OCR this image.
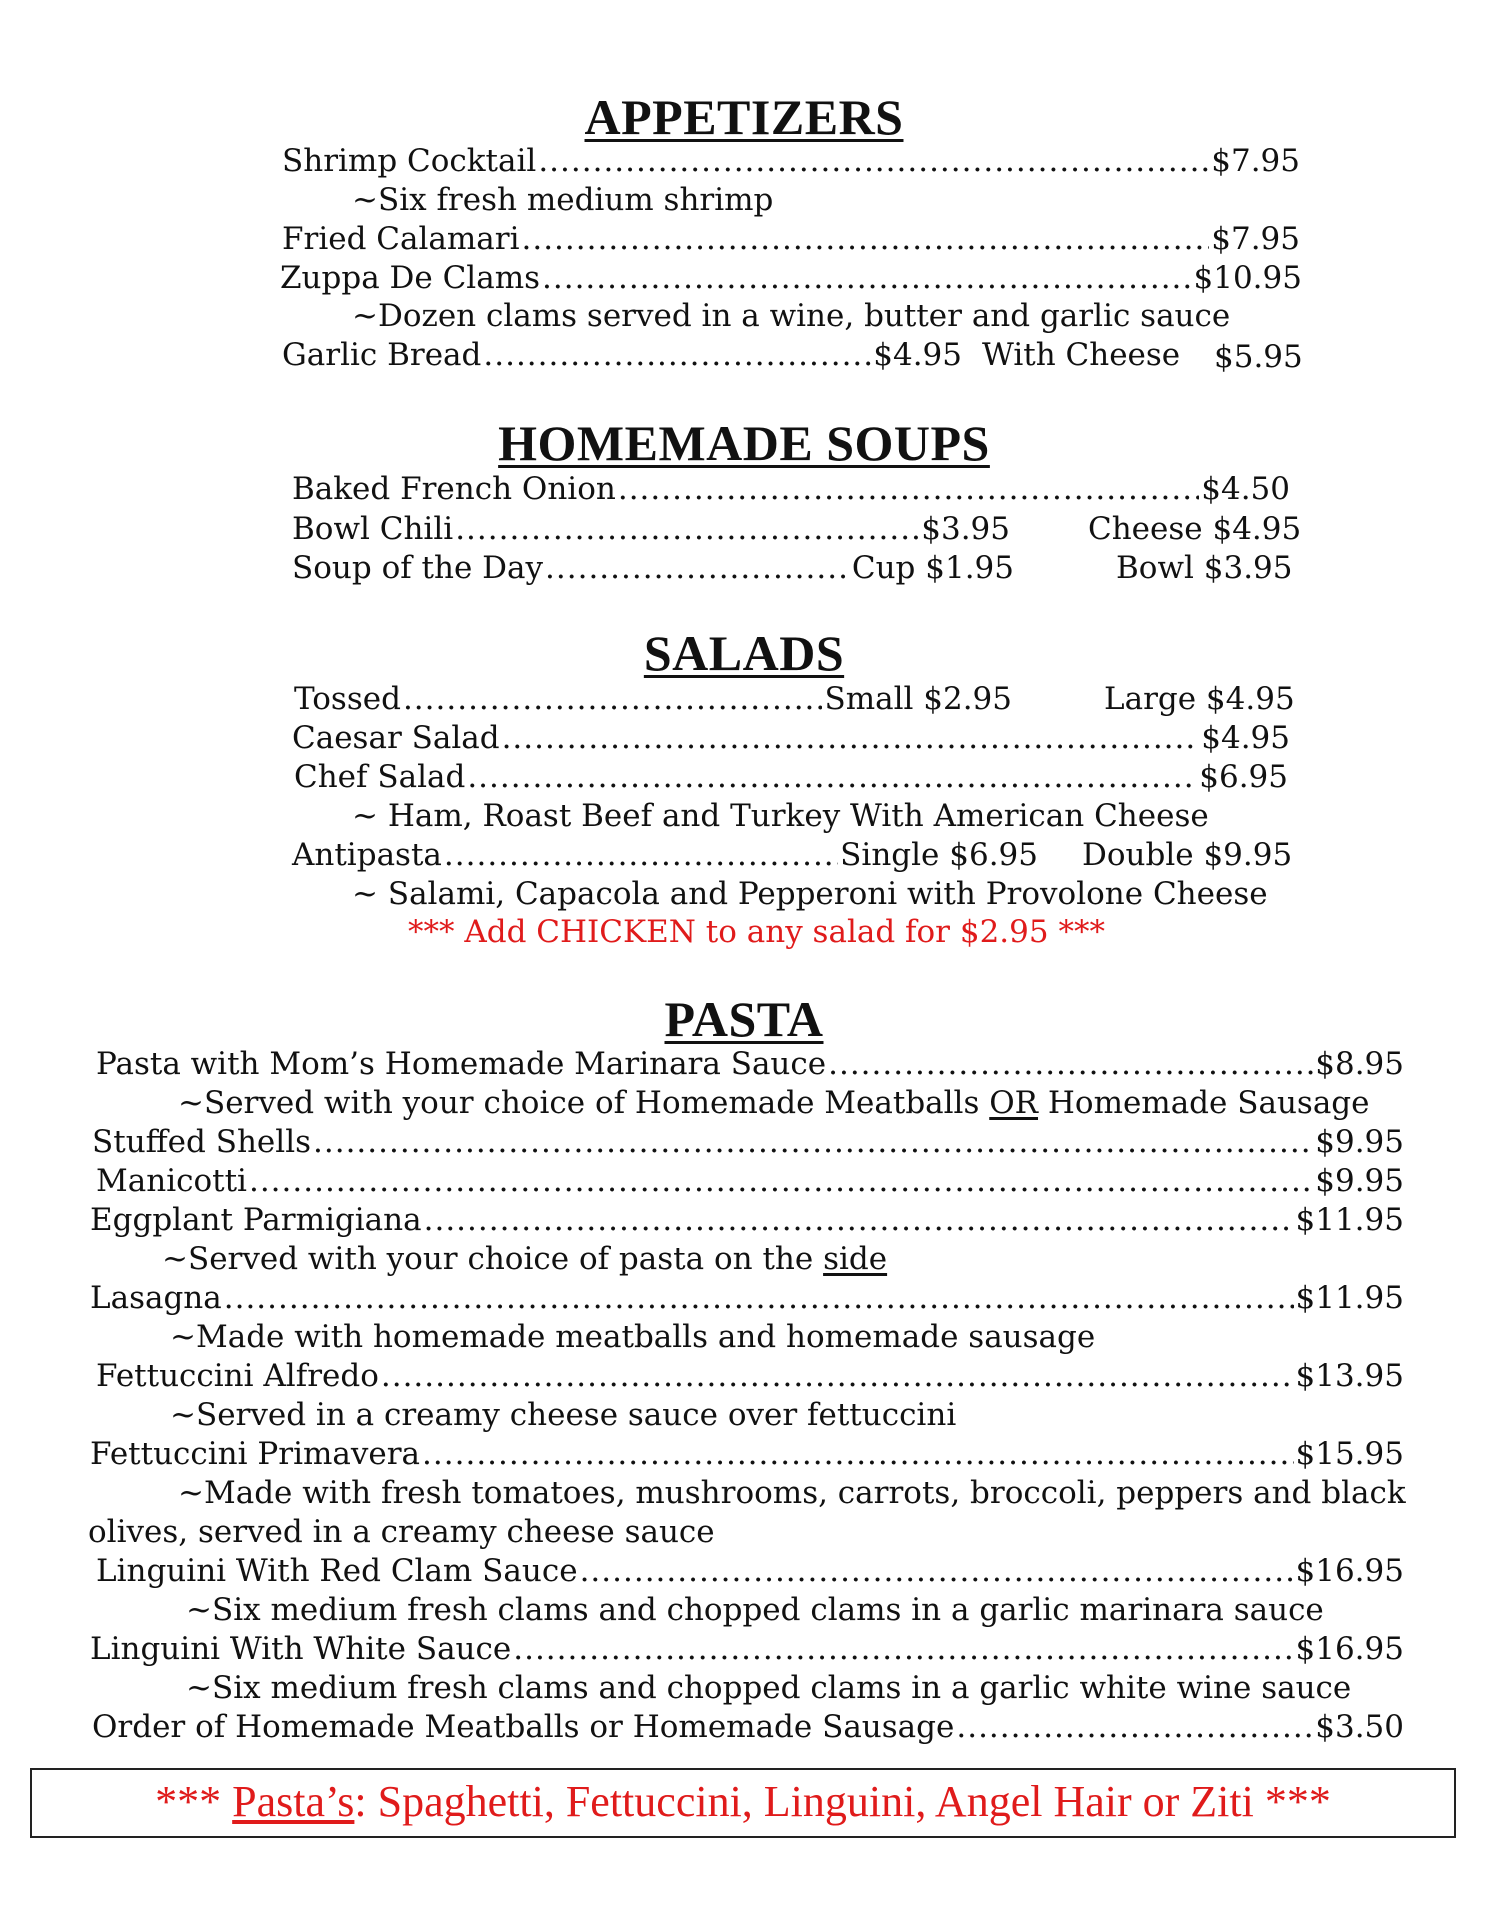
APPETIZERS
Shrimp Cocktail .....	$7.95
~Six fresh medium shrimp
Fried Calamari .....	$7.95
Zuppa De Clams .....	$10.95
~Dozen clams served in a wine, butter and garlic sauce
Garlic Bread .....	$4.95 With Cheese $5.95
HOMEMADE SOUPS
Baked French Onion .....	$4.50
Bowl Chili .....	$3.95	Cheese $4.95
Soup of the Day .....	Cup $1.95	Bowl $3.95
SALADS
Tossed .....	Small $2.95	Large $4.95
Caesar Salad .....	$4.95
Chef Salad .....	$6.95
~ Ham, Roast Beef and Turkey With American Cheese
Antipasta .....	Single $6.95 Double $9.95
~ Salami, Capacola and Pepperoni with Provolone Cheese
*** Add CHICKEN to any salad for $2.95 ***
PASTA
Pasta with Mom’s Homemade Marinara Sauce .....	$8.95
~Served with your choice of Homemade Meatballs OR Homemade Sausage
Stuffed Shells .....	$9.95
Manicotti .....	$9.95
Eggplant Parmigiana .....	$11.95
~Served with your choice of pasta on the side
Lasagna .....	$11.95
~Made with homemade meatballs and homemade sausage
Fettuccini Alfredo .....	$13.95
~Served in a creamy cheese sauce over fettuccini
Fettuccini Primavera .....	$15.95
~Made with fresh tomatoes, mushrooms, carrots, broccoli, peppers and black
olives, served in a creamy cheese sauce
Linguini With Red Clam Sauce .....	$16.95
~Six medium fresh clams and chopped clams in a garlic marinara sauce
Linguini With White Sauce .....	$16.95
~Six medium fresh clams and chopped clams in a garlic white wine sauce
Order of Homemade Meatballs or Homemade Sausage .....	$3.50
*** Pasta’s: Spaghetti, Fettuccini, Linguini, Angel Hair or Ziti ***
